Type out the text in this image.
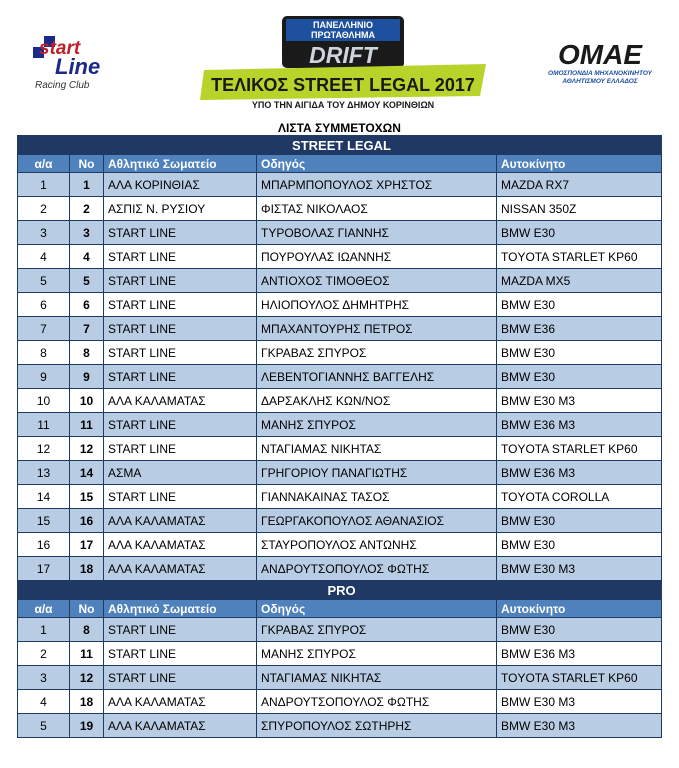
start
Line
Racing Club
ΠΑΝΕΛΛΗΝΙΟ
ΠΡΩΤΑΘΛΗΜΑ
DRIFT
ΤΕΛΙΚΟΣ STREET LEGAL 2017
ΥΠΟ ΤΗΝ ΑΙΓΙΔΑ ΤΟΥ ΔΗΜΟΥ ΚΟΡΙΝΘΙΩΝ
OMAE
ΟΜΟΣΠΟΝΔΙΑ ΜΗΧΑΝΟΚΙΝΗΤΟΥ
ΑΘΛΗΤΙΣΜΟΥ ΕΛΛΑΔΟΣ
ΛΙΣΤΑ ΣΥΜΜΕΤΟΧΩΝ
STREET LEGAL				
α/α	Νο	Αθλητικό Σωματείο	Οδηγός	Αυτοκίνητο
1	1	ΑΛΑ ΚΟΡΙΝΘΙΑΣ	ΜΠΑΡΜΠΟΠΟΥΛΟΣ ΧΡΗΣΤΟΣ	MAZDA RX7
2	2	ΑΣΠΙΣ Ν. ΡΥΣΙΟΥ	ΦΙΣΤΑΣ ΝΙΚΟΛΑΟΣ	NISSAN 350Z
3	3	START LINE	ΤΥΡΟΒΟΛΑΣ ΓΙΑΝΝΗΣ	BMW E30
4	4	START LINE	ΠΟΥΡΟΥΛΑΣ ΙΩΑΝΝΗΣ	TOYOTA STARLET KP60
5	5	START LINE	ΑΝΤΙΟΧΟΣ ΤΙΜΟΘΕΟΣ	MAZDA MX5
6	6	START LINE	ΗΛΙΟΠΟΥΛΟΣ ΔΗΜΗΤΡΗΣ	BMW E30
7	7	START LINE	ΜΠΑΧΑΝΤΟΥΡΗΣ ΠΕΤΡΟΣ	BMW E36
8	8	START LINE	ΓΚΡΑΒΑΣ ΣΠΥΡΟΣ	BMW E30
9	9	START LINE	ΛΕΒΕΝΤΟΓΙΑΝΝΗΣ ΒΑΓΓΕΛΗΣ	BMW E30
10	10	ΑΛΑ ΚΑΛΑΜΑΤΑΣ	ΔΑΡΣΑΚΛΗΣ ΚΩΝ/ΝΟΣ	BMW E30 M3
11	11	START LINE	ΜΑΝΗΣ ΣΠΥΡΟΣ	BMW E36 M3
12	12	START LINE	ΝΤΑΓΙΑΜΑΣ ΝΙΚΗΤΑΣ	TOYOTA STARLET KP60
13	14	ΑΣΜΑ	ΓΡΗΓΟΡΙΟΥ ΠΑΝΑΓΙΩΤΗΣ	BMW E36 M3
14	15	START LINE	ΓΙΑΝΝΑΚΑΙΝΑΣ ΤΑΣΟΣ	TOYOTA COROLLA
15	16	ΑΛΑ ΚΑΛΑΜΑΤΑΣ	ΓΕΩΡΓΑΚΟΠΟΥΛΟΣ ΑΘΑΝΑΣΙΟΣ	BMW E30
16	17	ΑΛΑ ΚΑΛΑΜΑΤΑΣ	ΣΤΑΥΡΟΠΟΥΛΟΣ ΑΝΤΩΝΗΣ	BMW E30
17	18	ΑΛΑ ΚΑΛΑΜΑΤΑΣ	ΑΝΔΡΟΥΤΣΟΠΟΥΛΟΣ ΦΩΤΗΣ	BMW E30 M3
PRO				
α/α	Νο	Αθλητικό Σωματείο	Οδηγός	Αυτοκίνητο
1	8	START LINE	ΓΚΡΑΒΑΣ ΣΠΥΡΟΣ	BMW E30
2	11	START LINE	ΜΑΝΗΣ ΣΠΥΡΟΣ	BMW E36 M3
3	12	START LINE	ΝΤΑΓΙΑΜΑΣ ΝΙΚΗΤΑΣ	TOYOTA STARLET KP60
4	18	ΑΛΑ ΚΑΛΑΜΑΤΑΣ	ΑΝΔΡΟΥΤΣΟΠΟΥΛΟΣ ΦΩΤΗΣ	BMW E30 M3
5	19	ΑΛΑ ΚΑΛΑΜΑΤΑΣ	ΣΠΥΡΟΠΟΥΛΟΣ ΣΩΤΗΡΗΣ	BMW E30 M3
